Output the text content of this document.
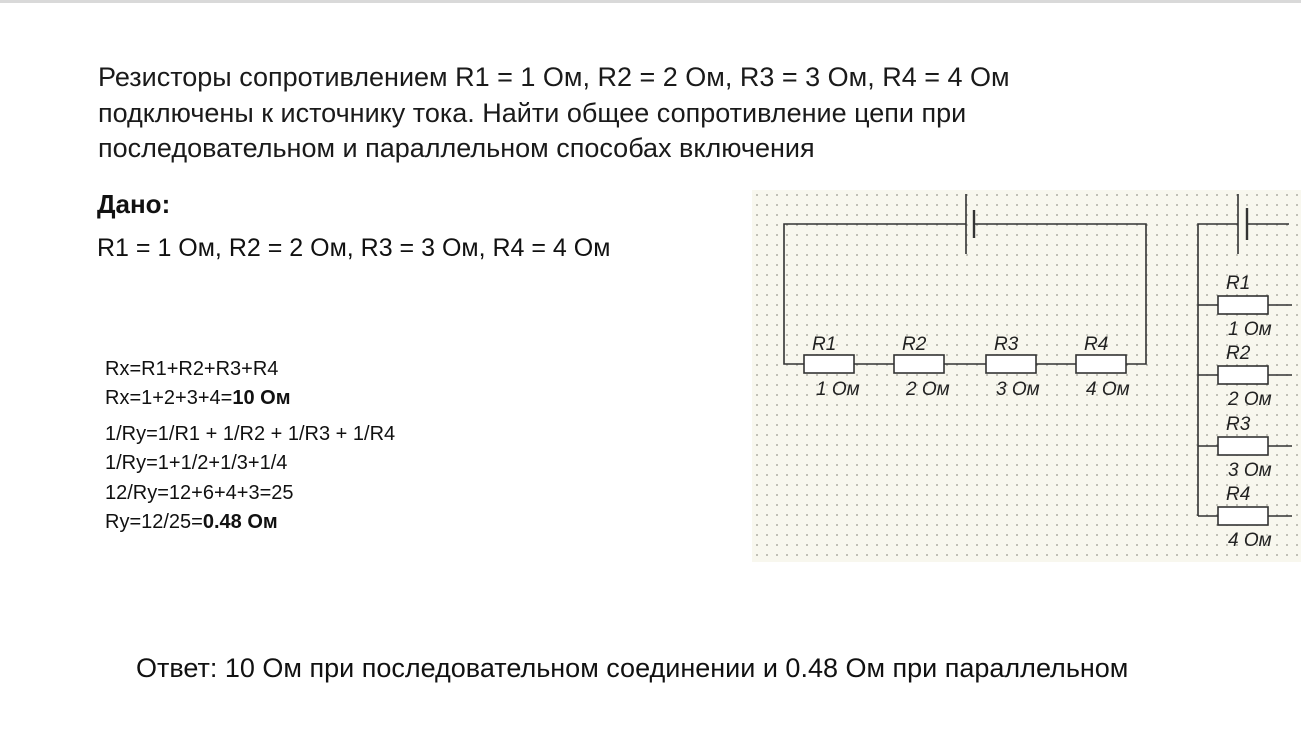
Резисторы сопротивлением R1 = 1 Ом, R2 = 2 Ом, R3 = 3 Ом, R4 = 4 Ом
подключены к источнику тока. Найти общее сопротивление цепи при
последовательном и параллельном способах включения
Дано:
R1 = 1 Ом, R2 = 2 Ом, R3 = 3 Ом, R4 = 4 Ом
Rx=R1+R2+R3+R4
Rx=1+2+3+4=10 Ом
1/Ry=1/R1 + 1/R2 + 1/R3 + 1/R4
1/Ry=1+1/2+1/3+1/4
12/Ry=12+6+4+3=25
Ry=12/25=0.48 Ом
R1	R2	R3	R4
1 Ом 2 Ом 3 Ом 4 Ом
R1
R2
R3
R4
1 Ом
2 Ом
3 Ом
4 Ом
Ответ: 10 Ом при последовательном соединении и 0.48 Ом при параллельном
